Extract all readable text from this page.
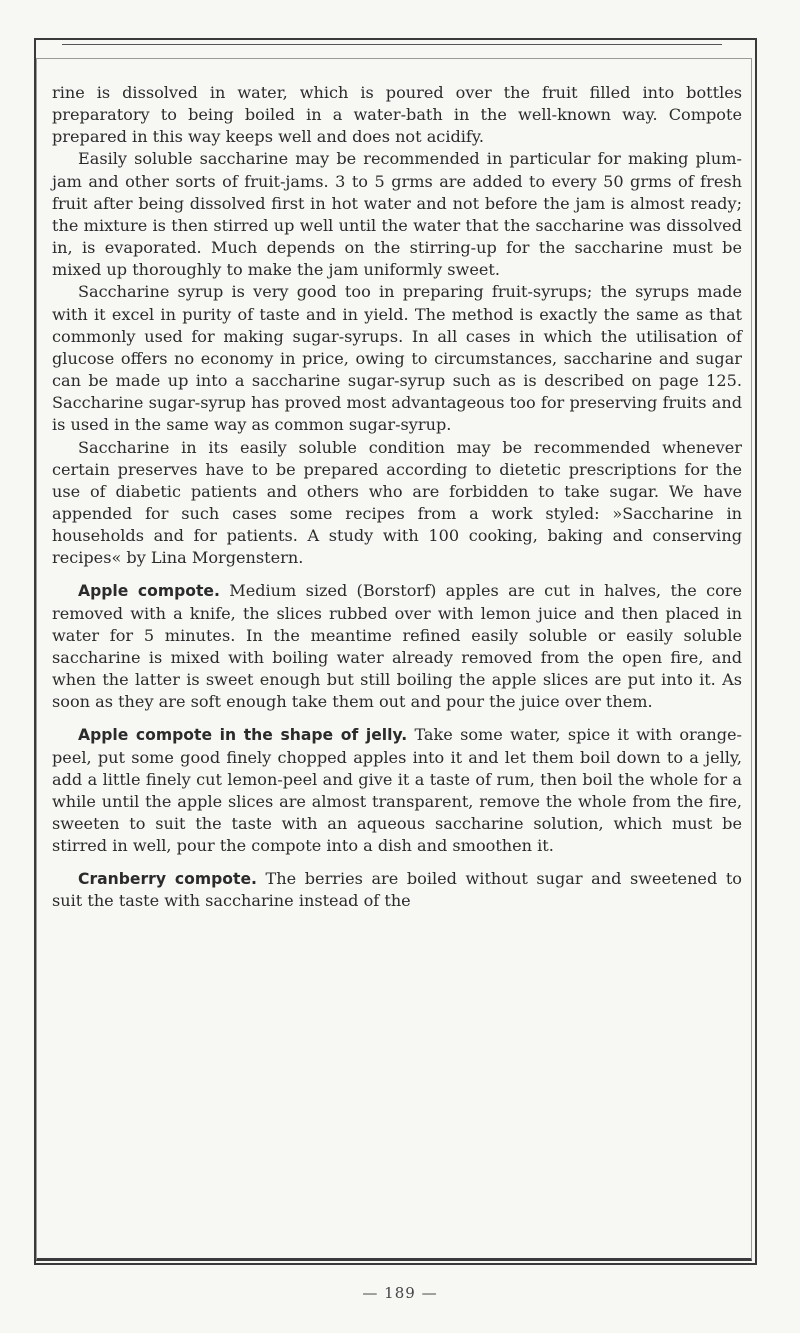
rine is dissolved in water, which is poured over the fruit filled into bottles preparatory to being boiled in a water-bath in the well-known way. Compote prepared in this way keeps well and does not acidify.

Easily soluble saccharine may be recommended in particular for making plum-jam and other sorts of fruit-jams. 3 to 5 grms are added to every 50 grms of fresh fruit after being dissolved first in hot water and not before the jam is almost ready; the mixture is then stirred up well until the water that the saccharine was dissolved in, is evaporated. Much depends on the stirring-up for the saccharine must be mixed up thoroughly to make the jam uniformly sweet.

Saccharine syrup is very good too in preparing fruit-syrups; the syrups made with it excel in purity of taste and in yield. The method is exactly the same as that commonly used for making sugar-syrups. In all cases in which the utilisation of glucose offers no economy in price, owing to circumstances, saccharine and sugar can be made up into a saccharine sugar-syrup such as is described on page 125. Saccharine sugar-syrup has proved most advantageous too for preserving fruits and is used in the same way as common sugar-syrup.

Saccharine in its easily soluble condition may be recommended whenever certain preserves have to be prepared according to dietetic prescriptions for the use of diabetic patients and others who are forbidden to take sugar. We have appended for such cases some recipes from a work styled: »Saccharine in households and for patients. A study with 100 cooking, baking and conserving recipes« by Lina Morgenstern.

Apple compote. Medium sized (Borstorf) apples are cut in halves, the core removed with a knife, the slices rubbed over with lemon juice and then placed in water for 5 minutes. In the meantime refined easily soluble or easily soluble saccharine is mixed with boiling water already removed from the open fire, and when the latter is sweet enough but still boiling the apple slices are put into it. As soon as they are soft enough take them out and pour the juice over them.

Apple compote in the shape of jelly. Take some water, spice it with orange-peel, put some good finely chopped apples into it and let them boil down to a jelly, add a little finely cut lemon-peel and give it a taste of rum, then boil the whole for a while until the apple slices are almost transparent, remove the whole from the fire, sweeten to suit the taste with an aqueous saccharine solution, which must be stirred in well, pour the compote into a dish and smoothen it.

Cranberry compote. The berries are boiled without sugar and sweetened to suit the taste with saccharine instead of the

— 189 —
